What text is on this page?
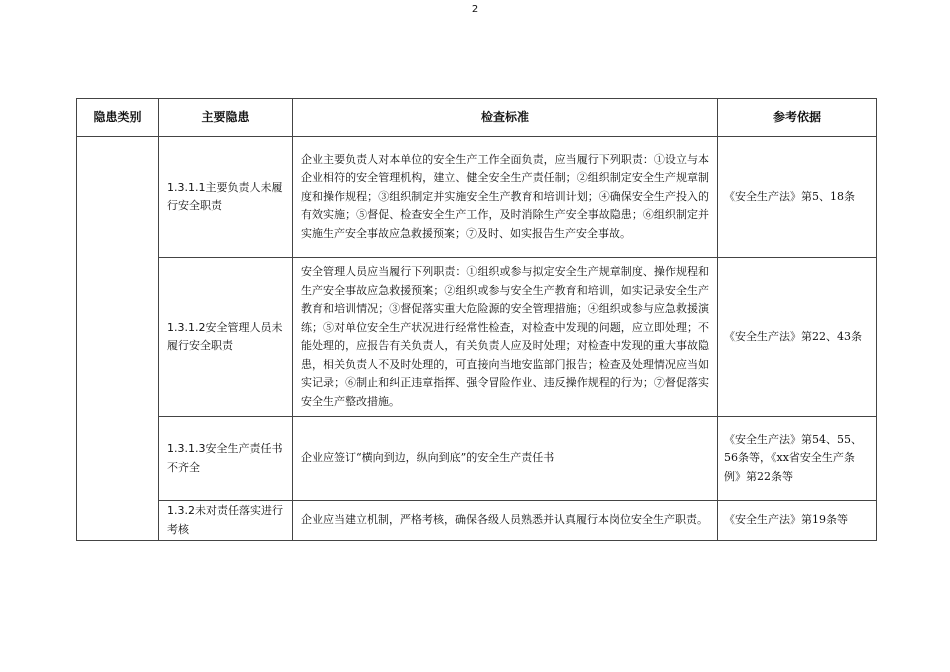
2
隐患类别	主要隐患	检查标准	参考依据
	1.3.1.1主要负责人未履行安全职责	企业主要负责人对本单位的安全生产工作全面负责，应当履行下列职责：①设立与本企业相符的安全管理机构，建立、健全安全生产责任制；②组织制定安全生产规章制度和操作规程；③组织制定并实施安全生产教育和培训计划；④确保安全生产投入的有效实施；⑤督促、检查安全生产工作，及时消除生产安全事故隐患；⑥组织制定并实施生产安全事故应急救援预案；⑦及时、如实报告生产安全事故。	《安全生产法》第5、18条
	1.3.1.2安全管理人员未履行安全职责	安全管理人员应当履行下列职责：①组织或参与拟定安全生产规章制度、操作规程和生产安全事故应急救援预案；②组织或参与安全生产教育和培训，如实记录安全生产教育和培训情况；③督促落实重大危险源的安全管理措施；④组织或参与应急救援演练；⑤对单位安全生产状况进行经常性检查，对检查中发现的问题，应立即处理；不能处理的，应报告有关负责人，有关负责人应及时处理；对检查中发现的重大事故隐患，相关负责人不及时处理的，可直接向当地安监部门报告；检查及处理情况应当如实记录；⑥制止和纠正违章指挥、强令冒险作业、违反操作规程的行为；⑦督促落实安全生产整改措施。	《安全生产法》第22、43条
	1.3.1.3安全生产责任书不齐全	企业应签订“横向到边，纵向到底”的安全生产责任书	《安全生产法》第54、55、56条等，《xx省安全生产条例》第22条等
	1.3.2未对责任落实进行考核	企业应当建立机制，严格考核，确保各级人员熟悉并认真履行本岗位安全生产职责。	《安全生产法》第19条等
